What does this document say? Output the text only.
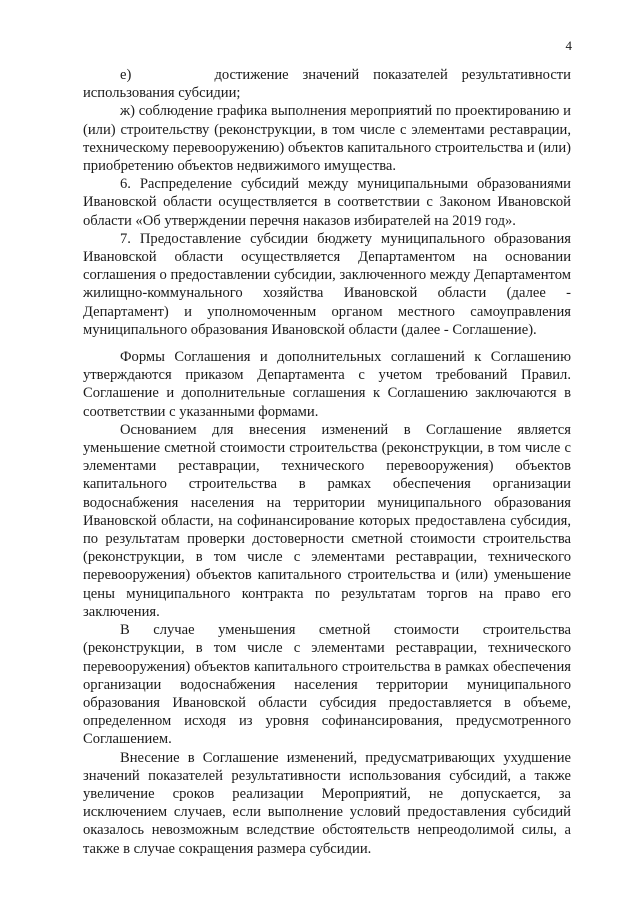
4

е)      достижение значений показателей результативности использования субсидии;

ж) соблюдение графика выполнения мероприятий по проектированию и (или) строительству (реконструкции, в том числе с элементами реставрации, техническому перевооружению) объектов капитального строительства и (или) приобретению объектов недвижимого имущества.

6. Распределение субсидий между муниципальными образованиями Ивановской области осуществляется в соответствии с Законом Ивановской области «Об утверждении перечня наказов избирателей на 2019 год».

7. Предоставление субсидии бюджету муниципального образования Ивановской области осуществляется Департаментом на основании соглашения о предоставлении субсидии, заключенного между Департаментом жилищно-коммунального хозяйства Ивановской области (далее - Департамент) и уполномоченным органом местного самоуправления муниципального образования Ивановской области (далее - Соглашение).

Формы Соглашения и дополнительных соглашений к Соглашению утверждаются приказом Департамента с учетом требований Правил. Соглашение и дополнительные соглашения к Соглашению заключаются в соответствии с указанными формами.

Основанием для внесения изменений в Соглашение является уменьшение сметной стоимости строительства (реконструкции, в том числе с элементами реставрации, технического перевооружения) объектов капитального строительства в рамках обеспечения организации водоснабжения населения на территории муниципального образования Ивановской области, на софинансирование которых предоставлена субсидия, по результатам проверки достоверности сметной стоимости строительства (реконструкции, в том числе с элементами реставрации, технического перевооружения) объектов капитального строительства и (или) уменьшение цены муниципального контракта по результатам торгов на право его заключения.

В случае уменьшения сметной стоимости строительства (реконструкции, в том числе с элементами реставрации, технического перевооружения) объектов капитального строительства в рамках обеспечения организации водоснабжения населения территории муниципального образования Ивановской области субсидия предоставляется в объеме, определенном исходя из уровня софинансирования, предусмотренного Соглашением.

Внесение в Соглашение изменений, предусматривающих ухудшение значений показателей результативности использования субсидий, а также увеличение сроков реализации Мероприятий, не допускается, за исключением случаев, если выполнение условий предоставления субсидий оказалось невозможным вследствие обстоятельств непреодолимой силы, а также в случае сокращения размера субсидии.
